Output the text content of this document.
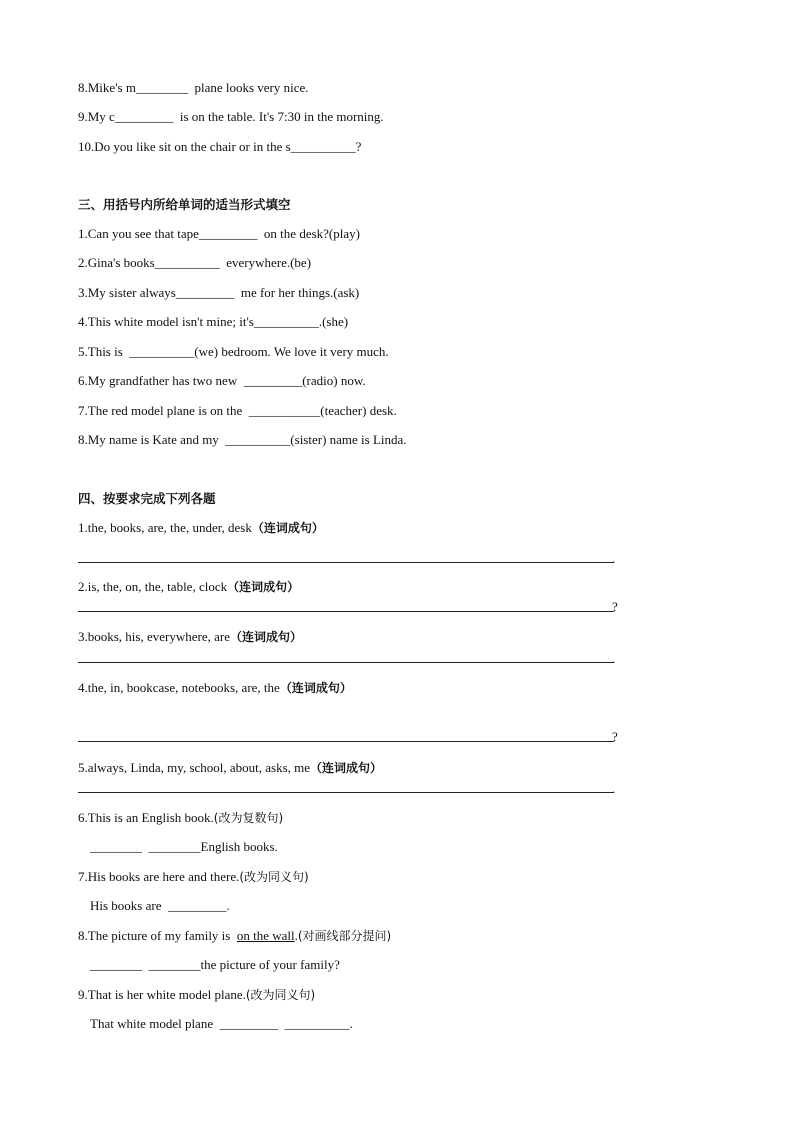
8.Mike's m________  plane looks very nice.
9.My c_________  is on the table. It's 7:30 in the morning.
10.Do you like sit on the chair or in the s__________?
三、用括号内所给单词的适当形式填空
1.Can you see that tape_________  on the desk?(play)
2.Gina's books__________  everywhere.(be)
3.My sister always_________  me for her things.(ask)
4.This white model isn't mine; it's__________.(she)
5.This is  __________(we) bedroom. We love it very much.
6.My grandfather has two new  _________(radio) now.
7.The red model plane is on the  ___________(teacher) desk.
8.My name is Kate and my  __________(sister) name is Linda.
四、按要求完成下列各题
1.the, books, are, the, under, desk（连词成句）
.
2.is, the, on, the, table, clock（连词成句）
?
3.books, his, everywhere, are（连词成句）
.
4.the, in, bookcase, notebooks, are, the（连词成句）
?
5.always, Linda, my, school, about, asks, me（连词成句）
.
6.This is an English book.(改为复数句)
________  ________English books.
7.His books are here and there.(改为同义句)
His books are  _________.
8.The picture of my family is  on the wall.(对画线部分提问)
________  ________the picture of your family?
9.That is her white model plane.(改为同义句)
That white model plane  _________  __________.
